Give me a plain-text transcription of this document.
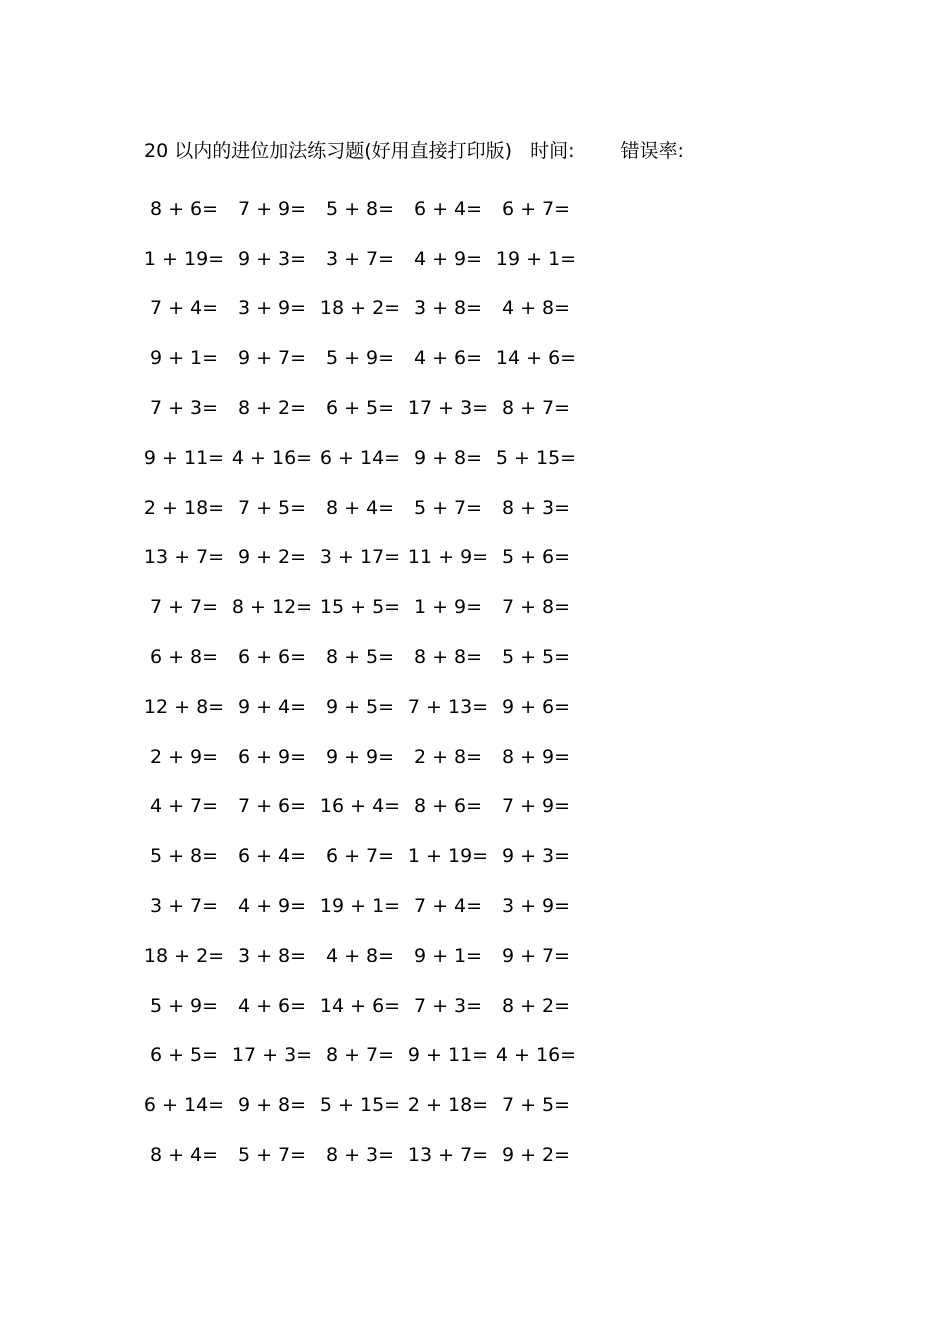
20 以内的进位加法练习题(好用直接打印版) 时间: 错误率:
8 + 6=	7 + 9=	5 + 8=	6 + 4=	6 + 7=
1 + 19= 9 + 3=	3 + 7=	4 + 9= 19 + 1=
7 + 4=	3 + 9= 18 + 2= 3 + 8=	4 + 8=
9 + 1=	9 + 7=	5 + 9=	4 + 6= 14 + 6=
7 + 3=	8 + 2=	6 + 5= 17 + 3= 8 + 7=
9 + 11= 4 + 16= 6 + 14= 9 + 8= 5 + 15=
2 + 18= 7 + 5=	8 + 4=	5 + 7=	8 + 3=
13 + 7= 9 + 2= 3 + 17= 11 + 9= 5 + 6=
7 + 7= 8 + 12= 15 + 5= 1 + 9=	7 + 8=
6 + 8=	6 + 6=	8 + 5=	8 + 8=	5 + 5=
12 + 8= 9 + 4=	9 + 5= 7 + 13= 9 + 6=
2 + 9=	6 + 9=	9 + 9=	2 + 8=	8 + 9=
4 + 7=	7 + 6= 16 + 4= 8 + 6=	7 + 9=
5 + 8=	6 + 4=	6 + 7= 1 + 19= 9 + 3=
3 + 7=	4 + 9= 19 + 1= 7 + 4=	3 + 9=
18 + 2= 3 + 8=	4 + 8=	9 + 1=	9 + 7=
5 + 9=	4 + 6= 14 + 6= 7 + 3=	8 + 2=
6 + 5= 17 + 3= 8 + 7= 9 + 11= 4 + 16=
6 + 14= 9 + 8= 5 + 15= 2 + 18= 7 + 5=
8 + 4=	5 + 7=	8 + 3= 13 + 7= 9 + 2=
